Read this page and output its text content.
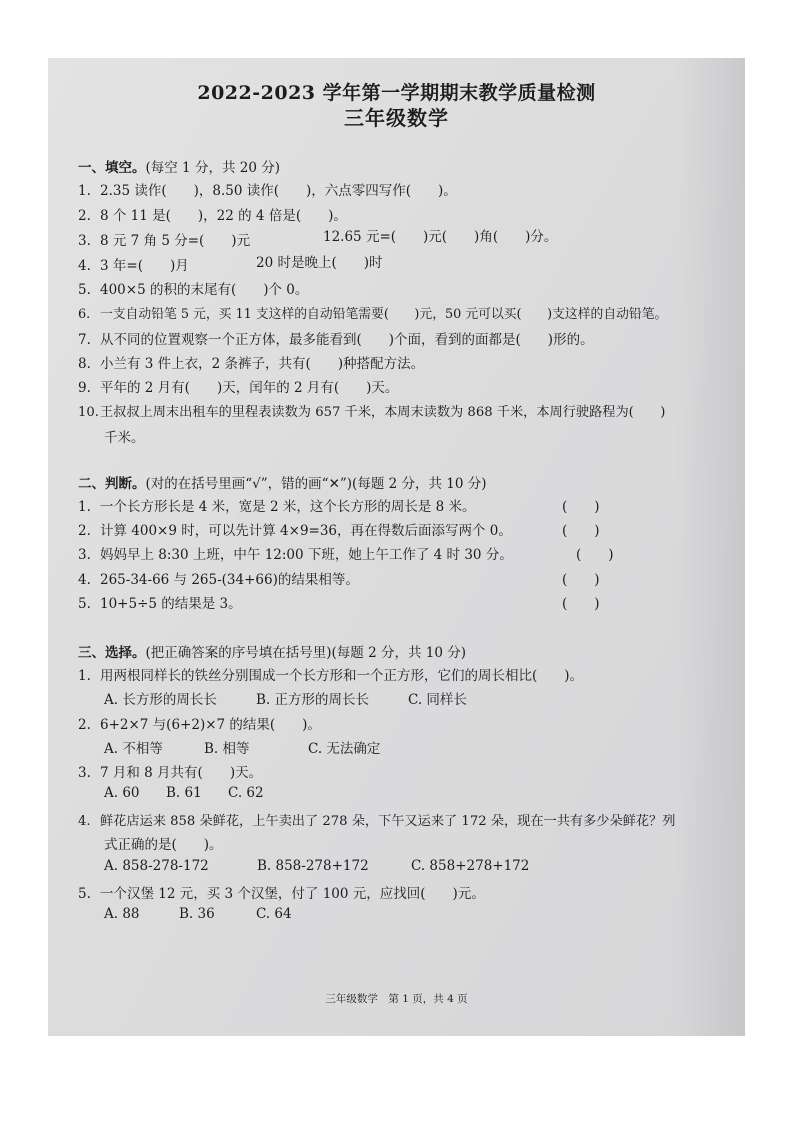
2022-2023 学年第一学期期末教学质量检测
三年级数学
一、填空。(每空 1 分，共 20 分)
1. 2.35 读作(　　)，8.50 读作(　　)，六点零四写作(　　)。
2. 8 个 11 是(　　)，22 的 4 倍是(　　)。
3. 8 元 7 角 5 分=(　　)元	12.65 元=(　　)元(　　)角(　　)分。
4. 3 年=(　　)月	20 时是晚上(　　)时
5. 400×5 的积的末尾有(　　)个 0。
6. 一支自动铅笔 5 元，买 11 支这样的自动铅笔需要(　　)元，50 元可以买(　　)支这样的自动铅笔。
7. 从不同的位置观察一个正方体，最多能看到(　　)个面，看到的面都是(　　)形的。
8. 小兰有 3 件上衣，2 条裤子，共有(　　)种搭配方法。
9. 平年的 2 月有(　　)天，闰年的 2 月有(　　)天。
10.王叔叔上周末出租车的里程表读数为 657 千米，本周末读数为 868 千米，本周行驶路程为(　　)
千米。
二、判断。(对的在括号里画“√”，错的画“✕”)(每题 2 分，共 10 分)
1. 一个长方形长是 4 米，宽是 2 米，这个长方形的周长是 8 米。	(　　)
2. 计算 400×9 时，可以先计算 4×9=36，再在得数后面添写两个 0。	(　　)
3. 妈妈早上 8:30 上班，中午 12:00 下班，她上午工作了 4 时 30 分。	(　　)
4. 265-34-66 与 265-(34+66)的结果相等。	(　　)
5. 10+5÷5 的结果是 3。	(　　)
三、选择。(把正确答案的序号填在括号里)(每题 2 分，共 10 分)
1. 用两根同样长的铁丝分别围成一个长方形和一个正方形，它们的周长相比(　　)。
A. 长方形的周长长	B. 正方形的周长长	C. 同样长
2. 6+2×7 与(6+2)×7 的结果(　　)。
A. 不相等	B. 相等	C. 无法确定
3. 7 月和 8 月共有(　　)天。
A. 60 B. 61 C. 62
4. 鲜花店运来 858 朵鲜花，上午卖出了 278 朵，下午又运来了 172 朵，现在一共有多少朵鲜花？列
式正确的是(　　)。
A. 858-278-172	B. 858-278+172	C. 858+278+172
5. 一个汉堡 12 元，买 3 个汉堡，付了 100 元，应找回(　　)元。
A. 88	B. 36	C. 64
三年级数学　第 1 页，共 4 页
